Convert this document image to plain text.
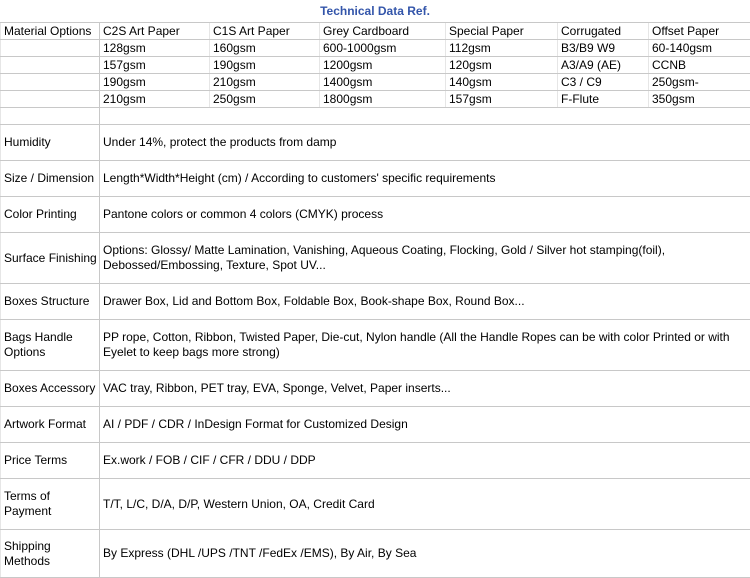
Technical Data Ref.
Material Options	C2S Art Paper	C1S Art Paper	Grey Cardboard	Special Paper	Corrugated	Offset Paper
	128gsm	160gsm	600-1000gsm	112gsm	B3/B9 W9	60-140gsm
	157gsm	190gsm	1200gsm	120gsm	A3/A9 (AE)	CCNB
	190gsm	210gsm	1400gsm	140gsm	C3 / C9	250gsm-
	210gsm	250gsm	1800gsm	157gsm	F-Flute	350gsm

Humidity	Under 14%, protect the products from damp					
Size / Dimension	Length*Width*Height (cm) / According to customers' specific requirements					
Color Printing	Pantone colors or common 4 colors (CMYK) process					
Surface Finishing	Options: Glossy/ Matte Lamination, Vanishing, Aqueous Coating, Flocking, Gold / Silver hot stamping(foil), Debossed/Embossing, Texture, Spot UV...					
Boxes Structure	Drawer Box, Lid and Bottom Box, Foldable Box, Book-shape Box, Round Box...					
Bags Handle Options	PP rope, Cotton, Ribbon, Twisted Paper, Die-cut, Nylon handle (All the Handle Ropes can be with color Printed or with Eyelet to keep bags more strong)					
Boxes Accessory	VAC tray, Ribbon, PET tray, EVA, Sponge, Velvet, Paper inserts...					
Artwork Format	AI / PDF / CDR / InDesign Format for Customized Design					
Price Terms	Ex.work / FOB / CIF / CFR / DDU / DDP					
Terms of Payment	T/T, L/C, D/A, D/P, Western Union, OA, Credit Card					
Shipping Methods	By Express (DHL /UPS /TNT /FedEx /EMS), By Air, By Sea					
